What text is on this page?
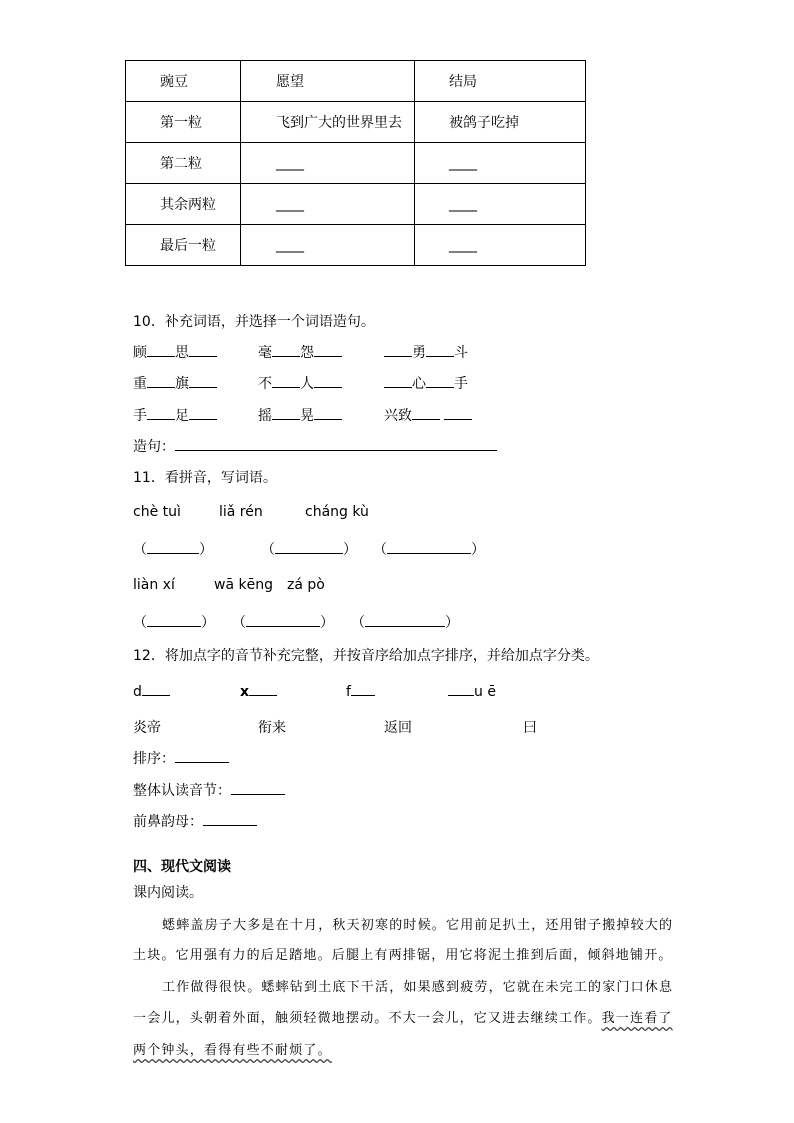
豌豆	愿望	结局
第一粒	飞到广大的世界里去	被鸽子吃掉
第二粒	____	____
其余两粒	____	____
最后一粒	____	____
10．补充词语，并选择一个词语造句。
顾 思	毫 怨	勇 斗
重 旗	不 人	心 手
手 足	摇 晃	兴致
造句：
11．看拼音，写词语。
chè tuì	liǎ rén	cháng kù
（	）	（	） （	）
liàn xí	wā kēng zá pò
（	） （	） （	）
12．将加点字的音节补充完整，并按音序给加点字排序，并给加点字分类。
d	x	f	u ē
炎帝	衔来	返回	曰
排序：
整体认读音节：
前鼻韵母：
四、现代文阅读
课内阅读。
蟋蟀盖房子大多是在十月，秋天初寒的时候。它用前足扒土，还用钳子搬掉较大的
土块。它用强有力的后足踏地。后腿上有两排锯，用它将泥土推到后面，倾斜地铺开。
工作做得很快。蟋蟀钻到土底下干活，如果感到疲劳，它就在未完工的家门口休息
一会儿，头朝着外面，触须轻微地摆动。不大一会儿，它又进去继续工作。我一连看了
两个钟头，看得有些不耐烦了。
